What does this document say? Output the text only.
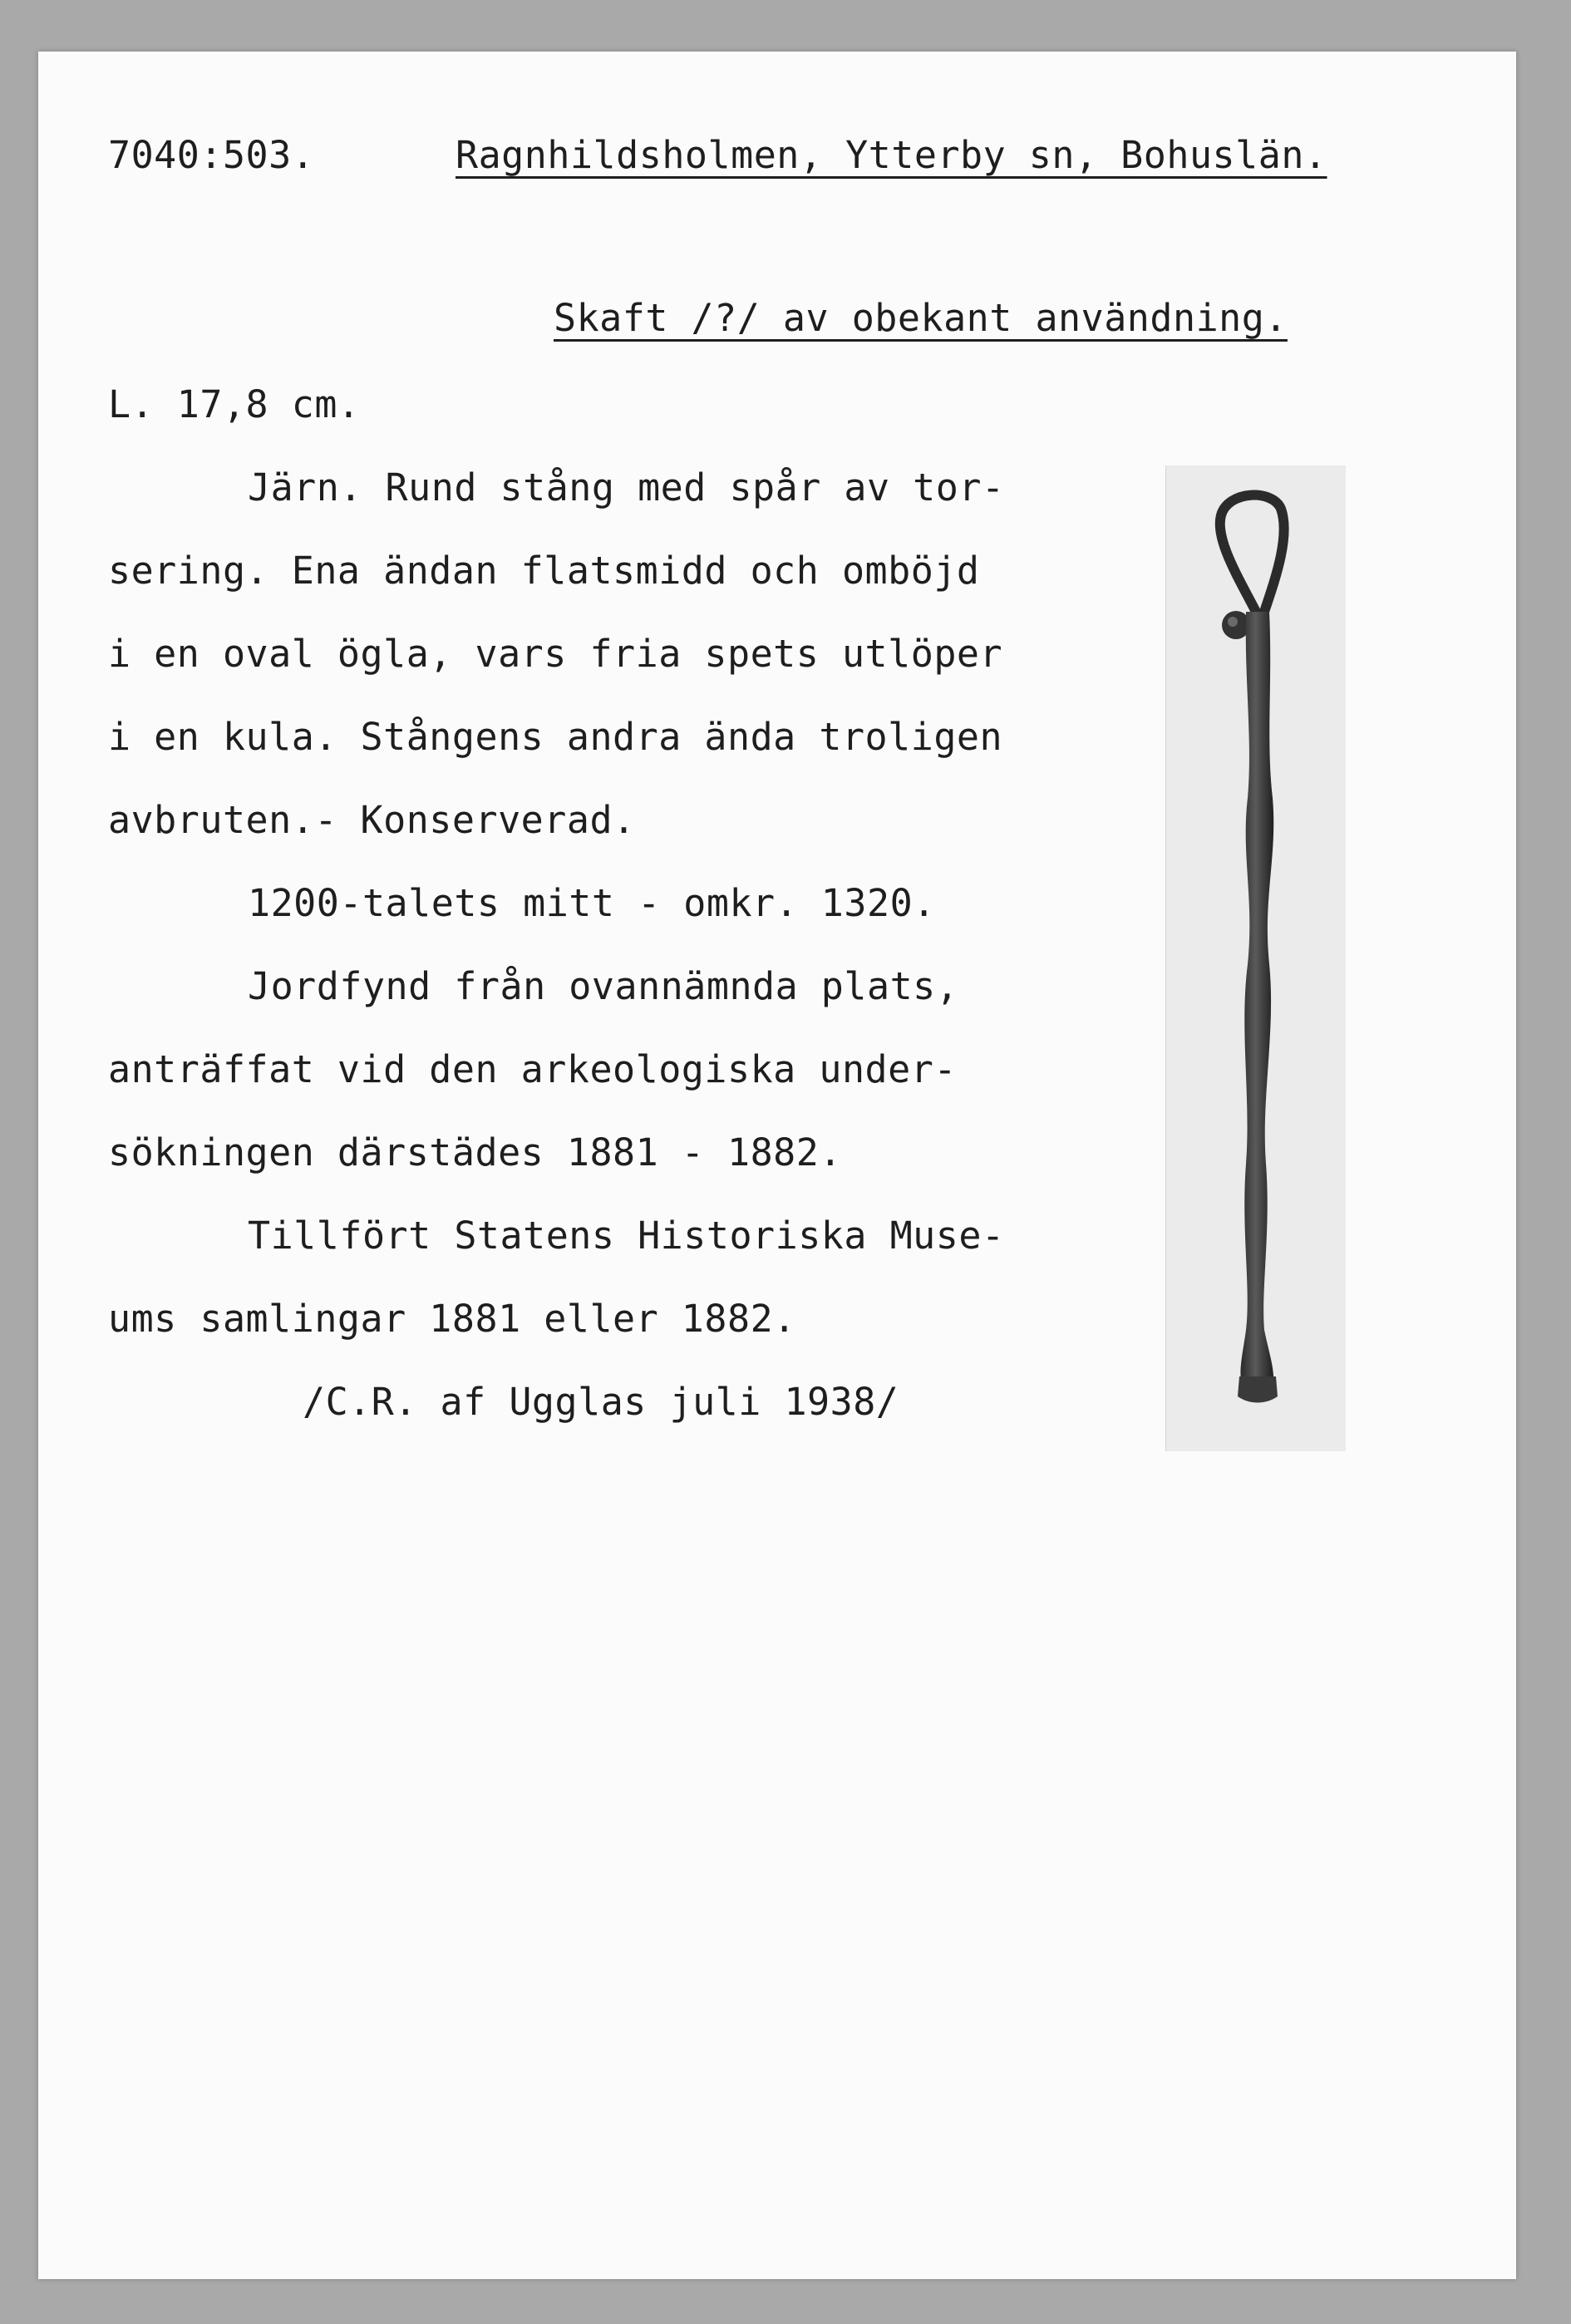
7040:503.	Ragnhildsholmen, Ytterby sn, Bohuslän.
Skaft /?/ av obekant användning.
L. 17,8 cm.
Järn. Rund stång med spår av tor-
sering. Ena ändan flatsmidd och omböjd
i en oval ögla, vars fria spets utlöper
i en kula. Stångens andra ända troligen
avbruten.- Konserverad.
1200-talets mitt - omkr. 1320.
Jordfynd från ovannämnda plats,
anträffat vid den arkeologiska under-
sökningen därstädes 1881 - 1882.
Tillfört Statens Historiska Muse-
ums samlingar 1881 eller 1882.
/C.R. af Ugglas juli 1938/
